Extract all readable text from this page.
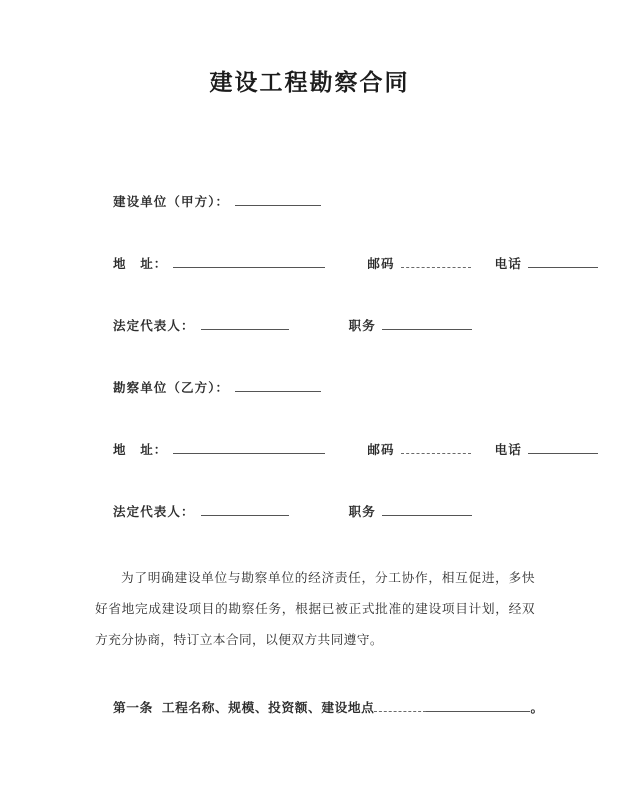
建设工程勘察合同
建设单位（甲方）：
地　址：	邮码	电话
法定代表人：	职务
勘察单位（乙方）：
地　址：	邮码	电话
法定代表人：	职务
为了明确建设单位与勘察单位的经济责任，分工协作，相互促进，多快好省地完成建设项目的勘察任务，根据已被正式批准的建设项目计划，经双方充分协商，特订立本合同，以便双方共同遵守。
第一条 工程名称、规模、投资额、建设地点	。
